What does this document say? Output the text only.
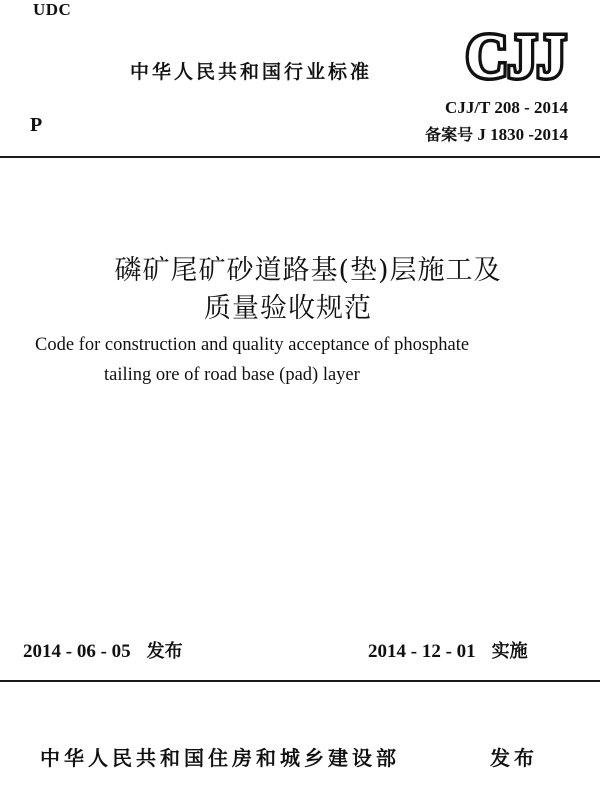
UDC
中华人民共和国行业标准 CJJ
P
CJJ/T 208 - 2014
备案号 J 1830 -2014
磷矿尾矿砂道路基(垫)层施工及
质量验收规范
Code for construction and quality acceptance of phosphate
tailing ore of road base (pad) layer
2014 - 06 - 05 发布	2014 - 12 - 01 实施
中华人民共和国住房和城乡建设部	发布
